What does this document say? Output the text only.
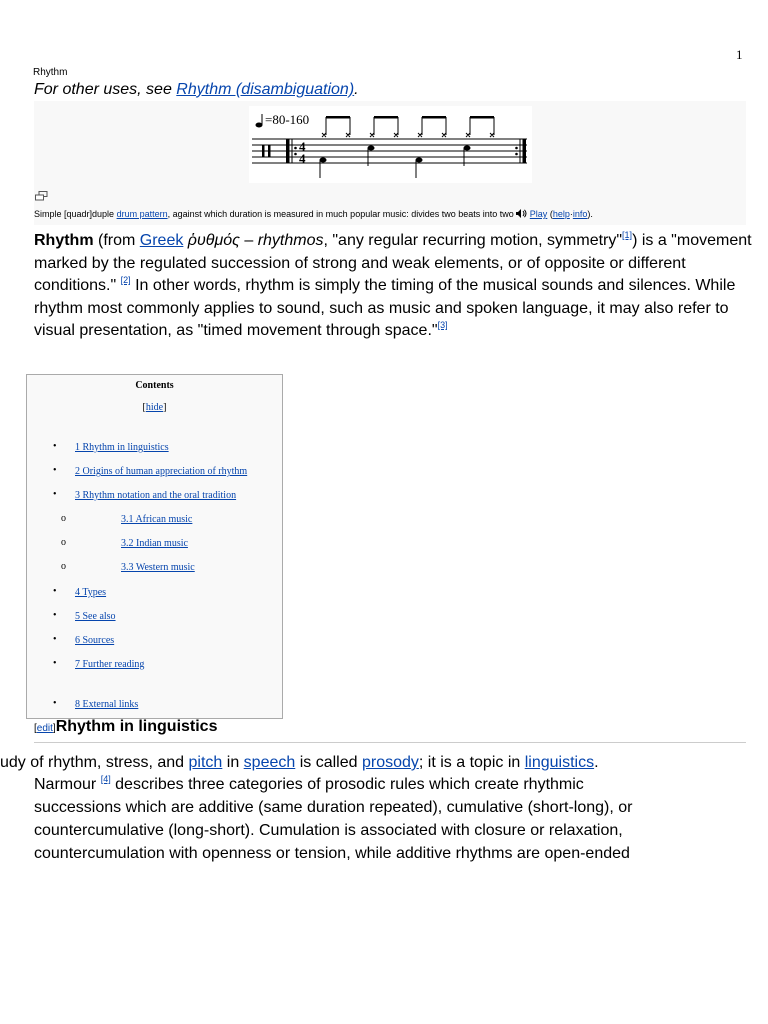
1
Rhythm
For other uses, see Rhythm (disambiguation).
=80-160
4
4
Simple [quadr]duple drum pattern, against which duration is measured in much popular music: divides two beats into two  Play (help·info).
Rhythm (from Greek ῥυθμός – rhythmos, "any regular recurring motion, symmetry"[1]) is a "movement marked by the regulated succession of strong and weak elements, or of opposite or different conditions." [2] In other words, rhythm is simply the timing of the musical sounds and silences. While rhythm most commonly applies to sound, such as music and spoken language, it may also refer to visual presentation, as "timed movement through space."[3]
Contents
[hide]
• 1 Rhythm in linguistics
• 2 Origins of human appreciation of rhythm
• 3 Rhythm notation and the oral tradition
o	3.1 African music
o	3.2 Indian music
o	3.3 Western music
• 4 Types
• 5 See also
• 6 Sources
• 7 Further reading
• 8 External links
[edit]Rhythm in linguistics
udy of rhythm, stress, and pitch in speech is called prosody; it is a topic in linguistics.
Narmour [4] describes three categories of prosodic rules which create rhythmic
successions which are additive (same duration repeated), cumulative (short-long), or
countercumulative (long-short). Cumulation is associated with closure or relaxation,
countercumulation with openness or tension, while additive rhythms are open-ended
